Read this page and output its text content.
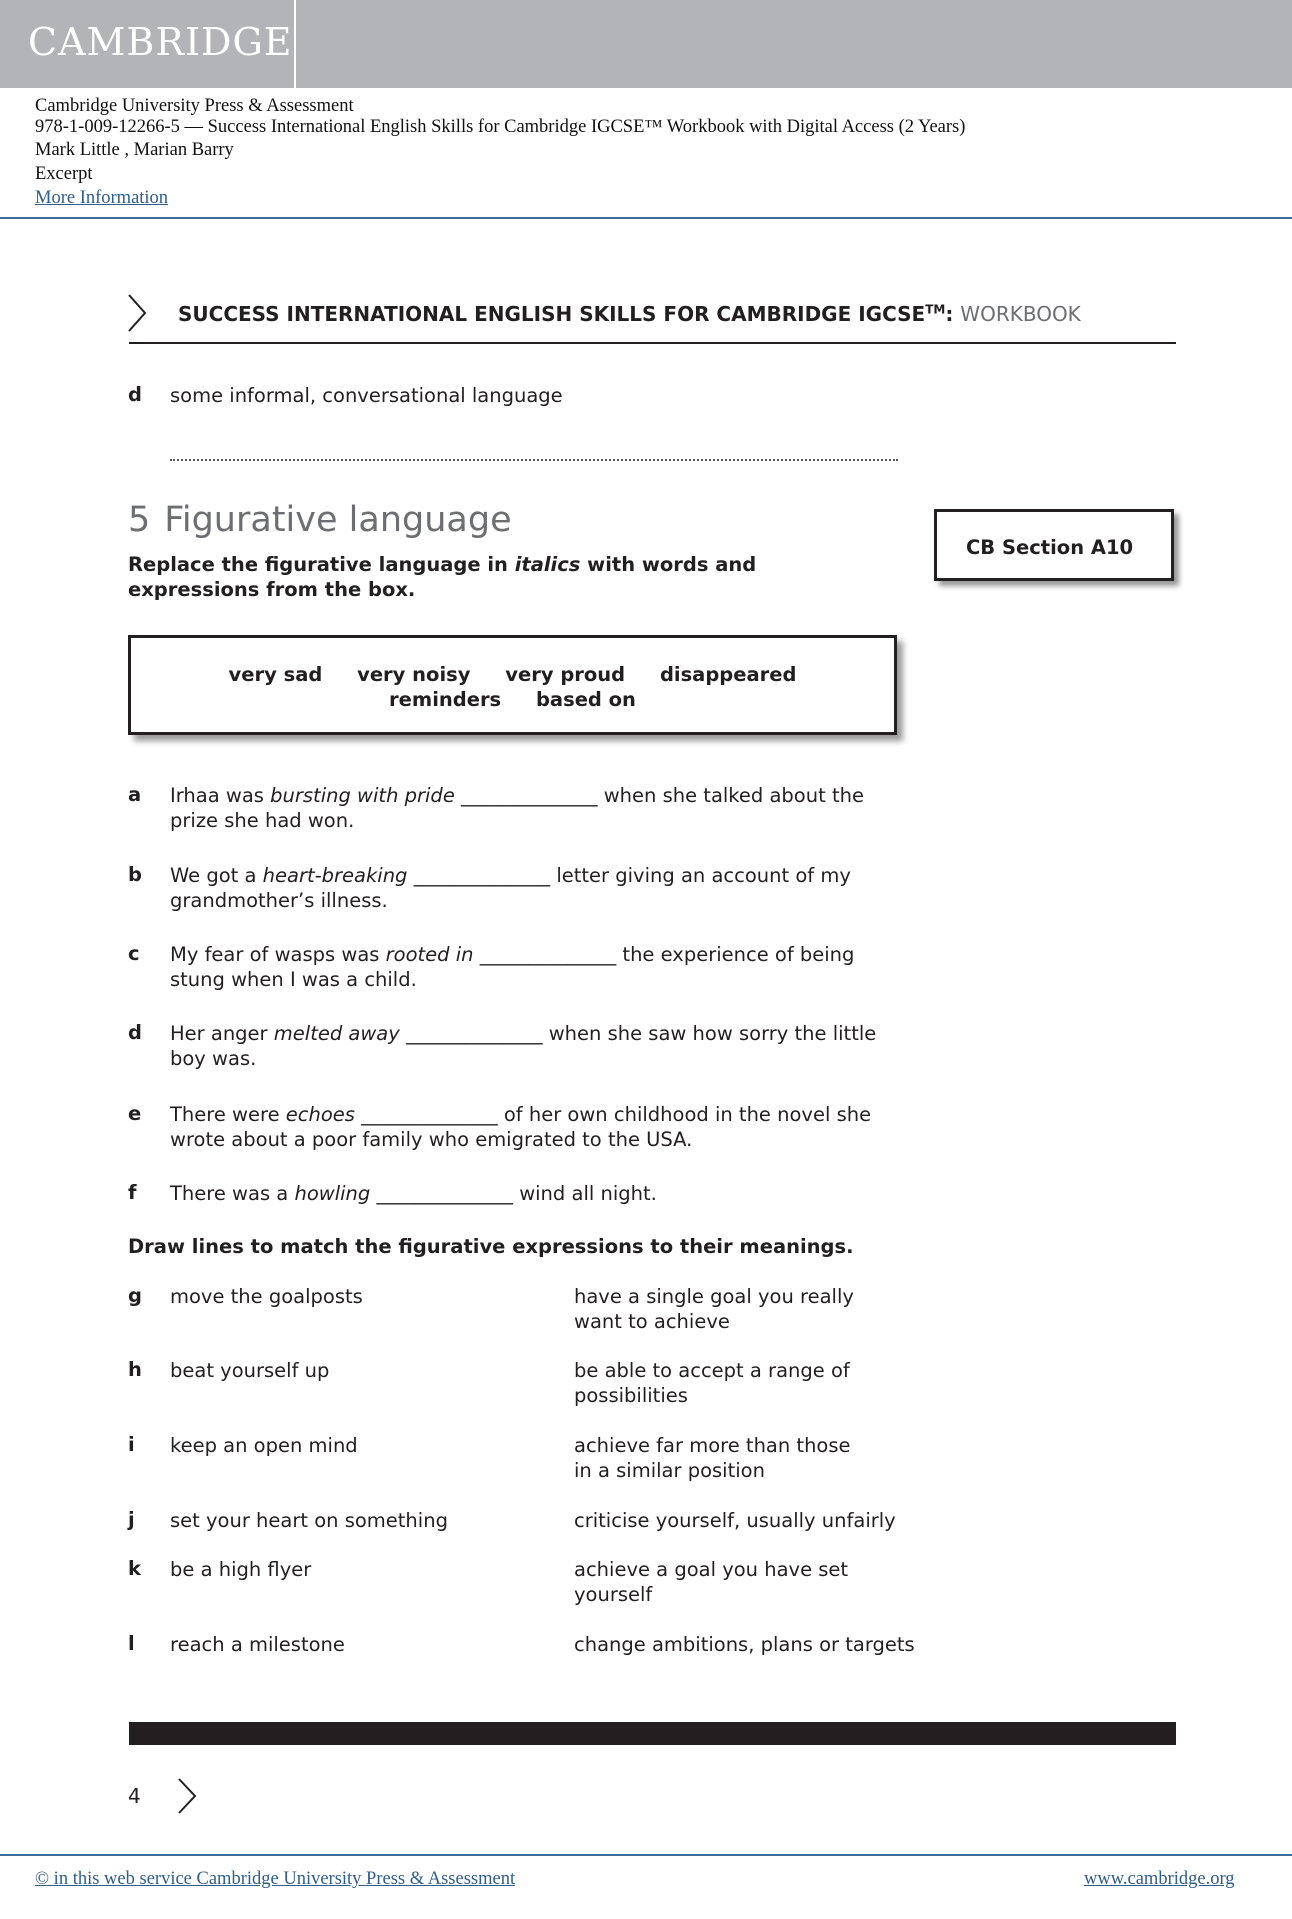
CAMBRIDGE
Cambridge University Press & Assessment
978-1-009-12266-5 — Success International English Skills for Cambridge IGCSE™ Workbook with Digital Access (2 Years)
Mark Little , Marian Barry
Excerpt
More Information
SUCCESS INTERNATIONAL ENGLISH SKILLS FOR CAMBRIDGE IGCSE™: WORKBOOK
d some informal, conversational language
5 Figurative language
Replace the figurative language in italics with words and expressions from the box.
CB Section A10
very sad very noisy very proud disappeared reminders based on
a Irhaa was bursting with pride ______________ when she talked about the prize she had won.
b We got a heart-breaking ______________ letter giving an account of my grandmother’s illness.
c My fear of wasps was rooted in ______________ the experience of being stung when I was a child.
d Her anger melted away ______________ when she saw how sorry the little boy was.
e There were echoes ______________ of her own childhood in the novel she wrote about a poor family who emigrated to the USA.
f There was a howling ______________ wind all night.
Draw lines to match the figurative expressions to their meanings.
g move the goalposts	have a single goal you really want to achieve
h beat yourself up	be able to accept a range of possibilities
i keep an open mind	achieve far more than those in a similar position
j set your heart on something	criticise yourself, usually unfairly
k be a high flyer	achieve a goal you have set yourself
l reach a milestone	change ambitions, plans or targets
4
© in this web service Cambridge University Press & Assessment	www.cambridge.org
